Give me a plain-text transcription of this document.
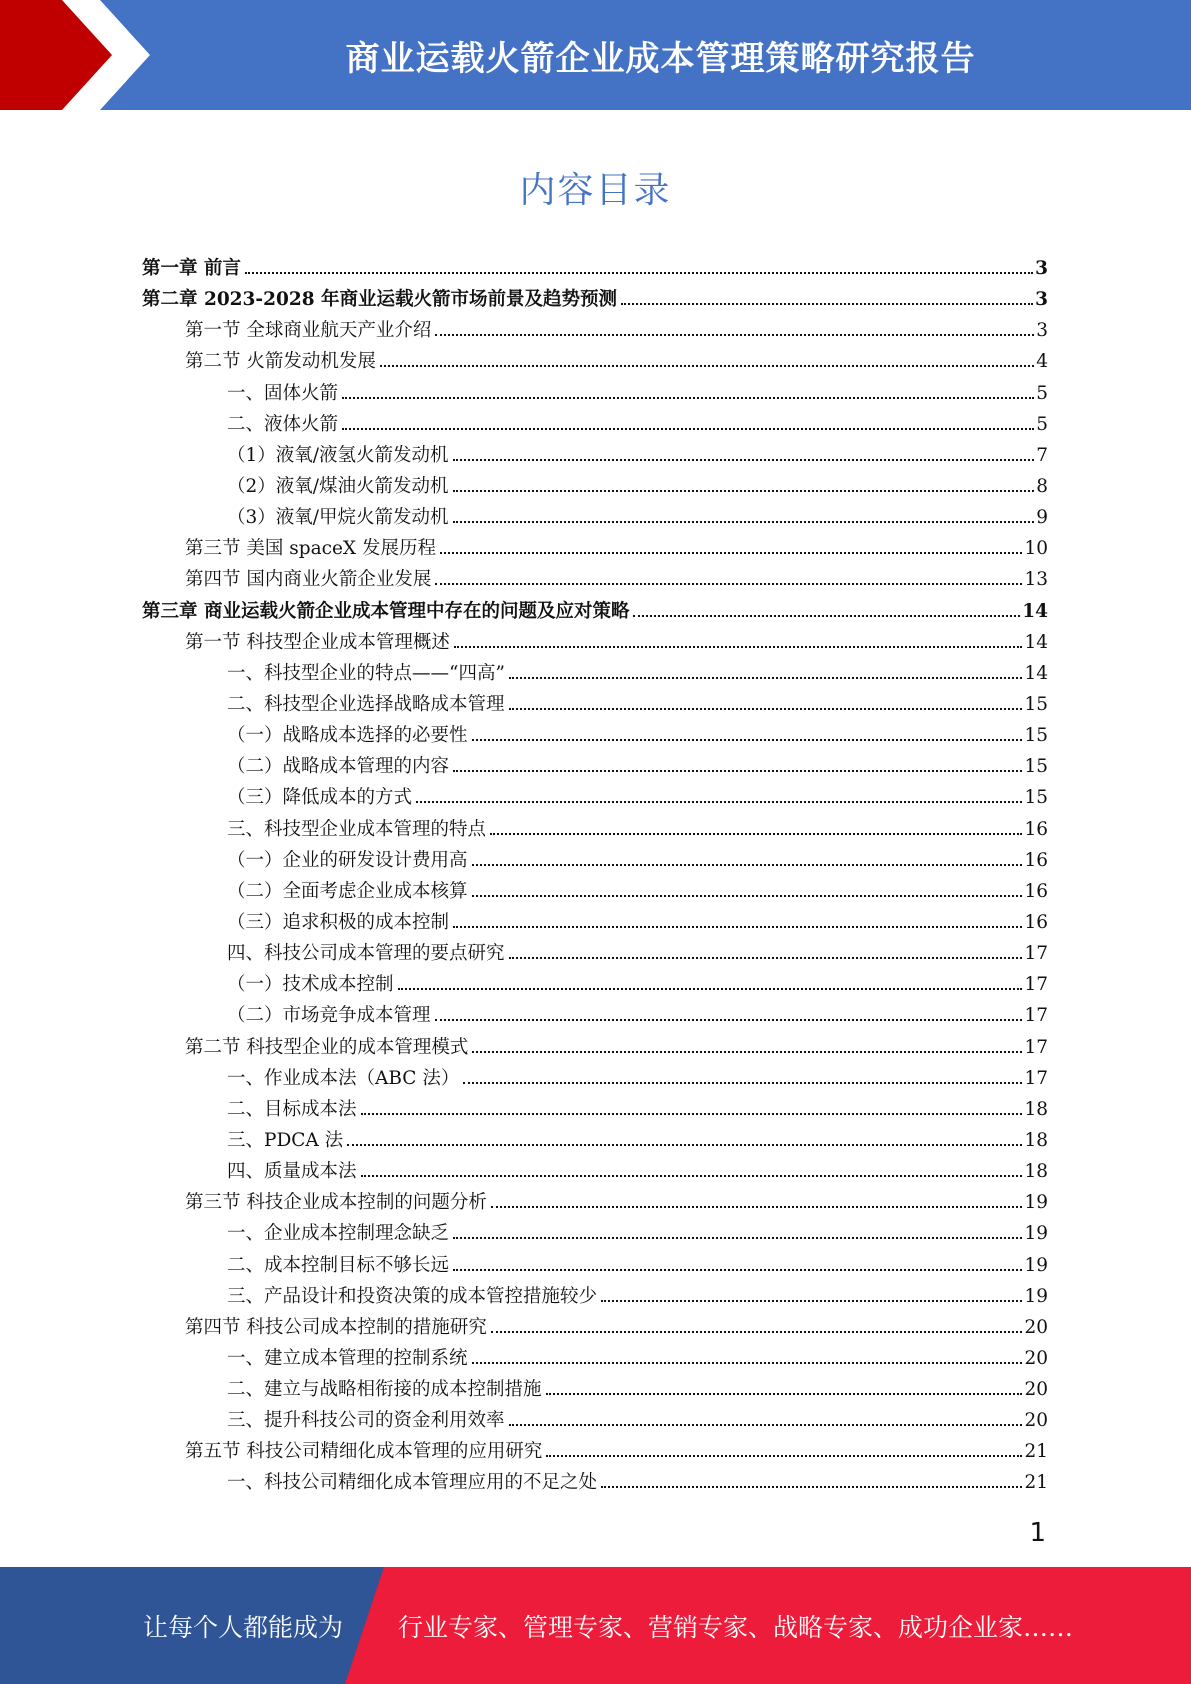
商业运载火箭企业成本管理策略研究报告
内容目录
第一章 前言	3
第二章 2023-2028 年商业运载火箭市场前景及趋势预测	3
第一节 全球商业航天产业介绍	3
第二节 火箭发动机发展	4
一、固体火箭	5
二、液体火箭	5
（1）液氧/液氢火箭发动机	7
（2）液氧/煤油火箭发动机	8
（3）液氧/甲烷火箭发动机	9
第三节 美国 spaceX 发展历程	10
第四节 国内商业火箭企业发展	13
第三章 商业运载火箭企业成本管理中存在的问题及应对策略	14
第一节 科技型企业成本管理概述	14
一、科技型企业的特点——“四高”	14
二、科技型企业选择战略成本管理	15
（一）战略成本选择的必要性	15
（二）战略成本管理的内容	15
（三）降低成本的方式	15
三、科技型企业成本管理的特点	16
（一）企业的研发设计费用高	16
（二）全面考虑企业成本核算	16
（三）追求积极的成本控制	16
四、科技公司成本管理的要点研究	17
（一）技术成本控制	17
（二）市场竞争成本管理	17
第二节 科技型企业的成本管理模式	17
一、作业成本法（ABC 法）	17
二、目标成本法	18
三、PDCA 法	18
四、质量成本法	18
第三节 科技企业成本控制的问题分析	19
一、企业成本控制理念缺乏	19
二、成本控制目标不够长远	19
三、产品设计和投资决策的成本管控措施较少	19
第四节 科技公司成本控制的措施研究	20
一、建立成本管理的控制系统	20
二、建立与战略相衔接的成本控制措施	20
三、提升科技公司的资金利用效率	20
第五节 科技公司精细化成本管理的应用研究	21
一、科技公司精细化成本管理应用的不足之处	21
1
让每个人都能成为 行业专家、管理专家、营销专家、战略专家、成功企业家……
